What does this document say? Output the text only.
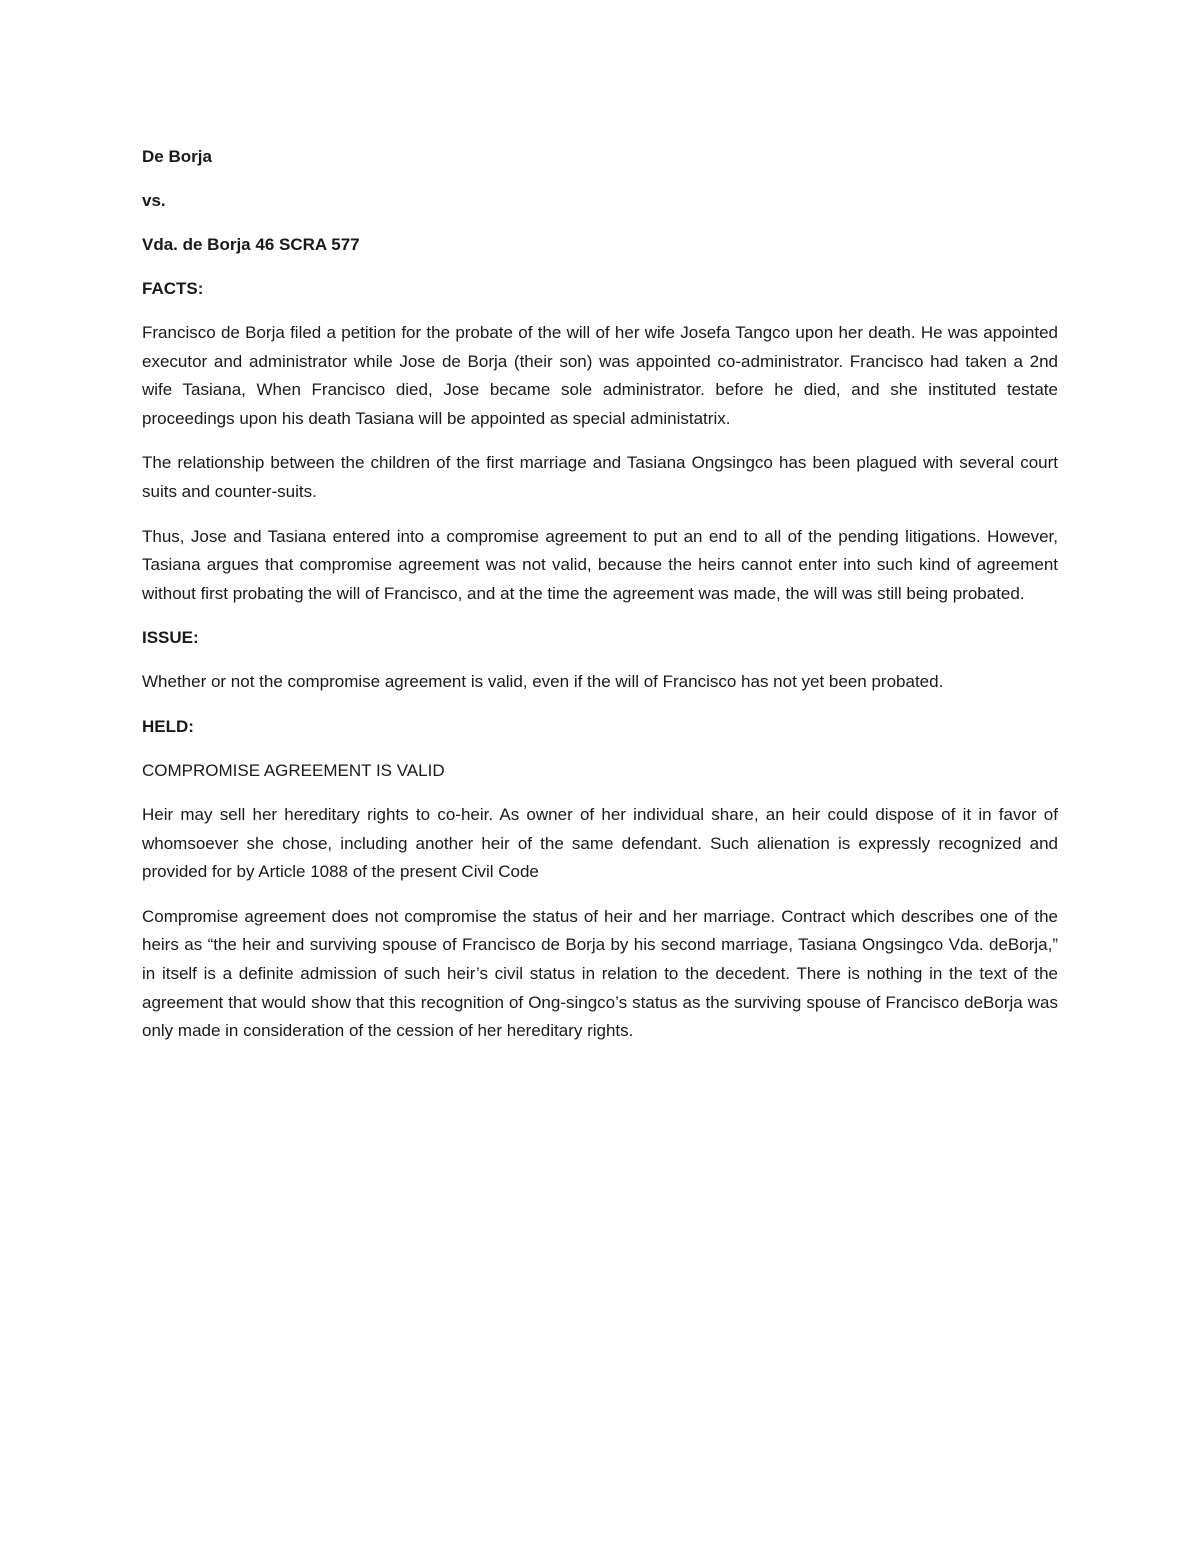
De Borja

vs.

Vda. de Borja 46 SCRA 577

FACTS:

Francisco de Borja filed a petition for the probate of the will of her wife Josefa Tangco upon her death. He was appointed executor and administrator while Jose de Borja (their son) was appointed co-administrator. Francisco had taken a 2nd wife Tasiana, When Francisco died, Jose became sole administrator. before he died, and she instituted testate proceedings upon his death Tasiana will be appointed as special administatrix.

The relationship between the children of the first marriage and Tasiana Ongsingco has been plagued with several court suits and counter-suits.

Thus, Jose and Tasiana entered into a compromise agreement to put an end to all of the pending litigations. However, Tasiana argues that compromise agreement was not valid, because the heirs cannot enter into such kind of agreement without first probating the will of Francisco, and at the time the agreement was made, the will was still being probated.

ISSUE:

Whether or not the compromise agreement is valid, even if the will of Francisco has not yet been probated.

HELD:

COMPROMISE AGREEMENT IS VALID

Heir may sell her hereditary rights to co-heir. As owner of her individual share, an heir could dispose of it in favor of whomsoever she chose, including another heir of the same defendant. Such alienation is expressly recognized and provided for by Article 1088 of the present Civil Code

Compromise agreement does not compromise the status of heir and her marriage. Contract which describes one of the heirs as “the heir and surviving spouse of Francisco de Borja by his second marriage, Tasiana Ongsingco Vda. deBorja,” in itself is a definite admission of such heir’s civil status in relation to the decedent. There is nothing in the text of the agreement that would show that this recognition of Ong-singco’s status as the surviving spouse of Francisco deBorja was only made in consideration of the cession of her hereditary rights.
